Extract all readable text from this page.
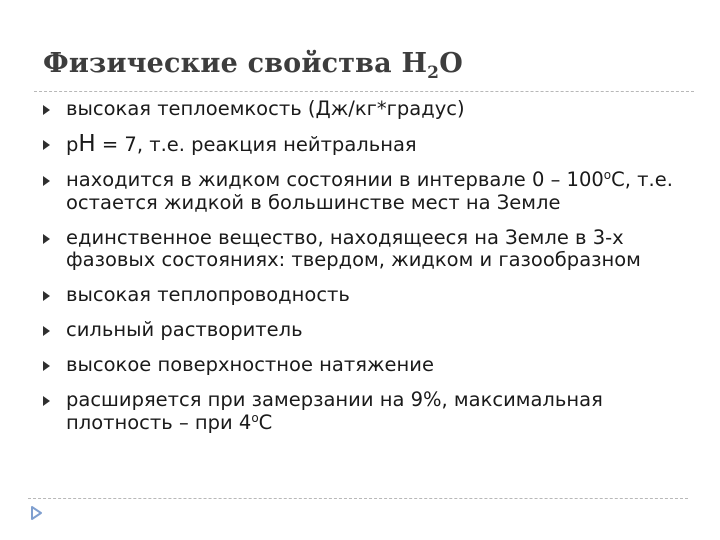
Физические свойства $Н_2О$
высокая теплоемкость (Дж/кг*градус)
рН = 7, т.е. реакция нейтральная
находится в жидком состоянии в интервале $0 - 100^оС$, т.е. остается жидкой в большинстве мест на Земле
единственное вещество, находящееся на Земле в 3-х фазовых состояниях: твердом, жидком и газообразном
высокая теплопроводность
сильный растворитель
высокое поверхностное натяжение
расширяется при замерзании на 9%, максимальная плотность – при $4^оС$
